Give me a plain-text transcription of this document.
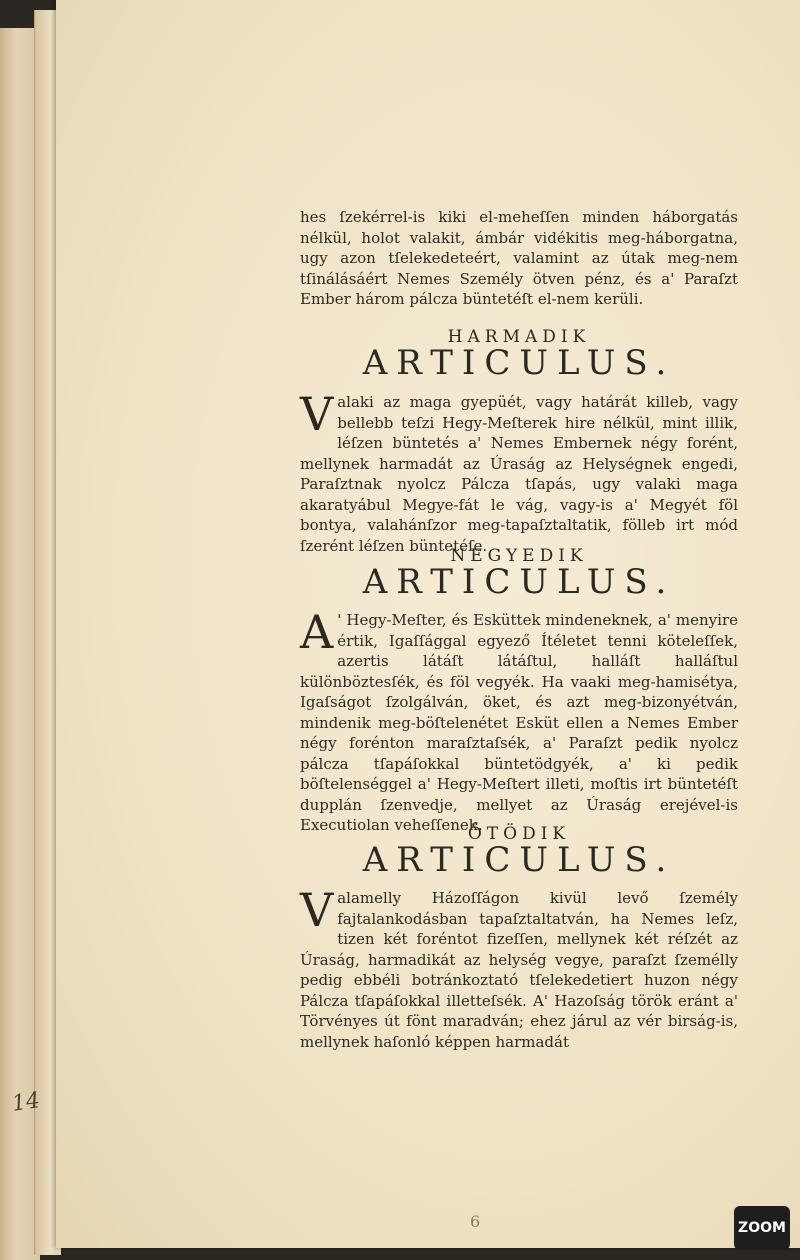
hes ſzekérrel-is kiki el-meheſſen minden háborgatás nélkül, holot valakit, ámbár vidékitis meg-háborgatna, ugy azon tſelekedeteért, valamint az útak meg-nem tſinálásáért Nemes Személy ötven pénz, és a' Paraſzt Ember három pálcza büntetéſt el-nem kerüli.

HARMADIK
ARTICULUS.

Valaki az maga gyepüét, vagy határát killeb, vagy bellebb teſzi Hegy-Meſterek hire nélkül, mint illik, léſzen büntetés a' Nemes Embernek négy forént, mellynek harmadát az Úraság az Helységnek engedi, Paraſztnak nyolcz Pálcza tſapás, ugy valaki maga akaratyábul Megye-fát le vág, vagy-is a' Megyét föl bontya, valahánſzor meg-tapaſztaltatik, fölleb irt mód ſzerént léſzen büntetéſe.

NEGYEDIK
ARTICULUS.

A ' Hegy-Meſter, és Esküttek mindeneknek, a' menyire értik, Igaſſággal egyező Ítéletet tenni köteleſſek, azertis látáſt látáſtul, halláſt halláſtul különböztesſék, és föl vegyék. Ha vaaki meg-hamisétya, Igaſságot ſzolgálván, öket, és azt meg-bizonyétván, mindenik meg-böſtelenétet Esküt ellen a Nemes Ember négy forénton maraſztaſsék, a' Paraſzt pedik nyolcz pálcza tſapáſokkal büntetödgyék, a' ki pedik böſtelenséggel a' Hegy-Meſtert illeti, moſtis irt büntetéſt dupplán ſzenvedje, mellyet az Úraság erejével-is Executiolan veheſſenek.

ÖTÖDIK
ARTICULUS.

Valamelly Házoſſágon kivül levő ſzemély fajtalankodásban tapaſztaltatván, ha Nemes leſz, tizen két foréntot fizeſſen, mellynek két réſzét az Úraság, harmadikát az helység vegye, paraſzt ſzemélly pedig ebbéli botránkoztató tſelekedetiert huzon négy Pálcza tſapáſokkal illetteſsék. A' Hazoſság török eránt a' Törvényes út fönt maradván; ehez járul az vér birság-is, mellynek haſonló képpen harmadát

14
6	ZOOM
